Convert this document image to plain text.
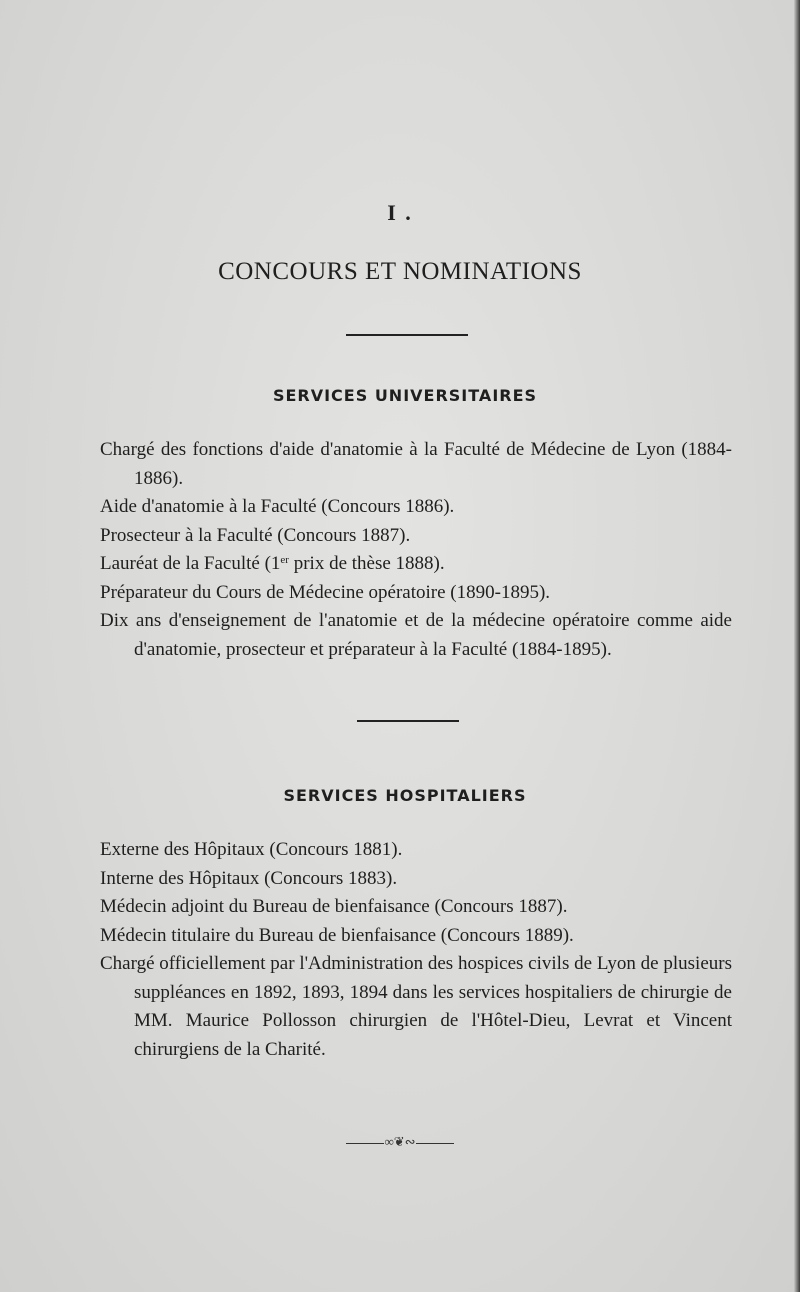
I .
CONCOURS ET NOMINATIONS
SERVICES UNIVERSITAIRES
Chargé des fonctions d'aide d'anatomie à la Faculté de Médecine de Lyon (1884-1886).
Aide d'anatomie à la Faculté (Concours 1886).
Prosecteur à la Faculté (Concours 1887).
Lauréat de la Faculté (1er prix de thèse 1888).
Préparateur du Cours de Médecine opératoire (1890-1895).
Dix ans d'enseignement de l'anatomie et de la médecine opératoire comme aide d'anatomie, prosecteur et préparateur à la Faculté (1884-1895).
SERVICES HOSPITALIERS
Externe des Hôpitaux (Concours 1881).
Interne des Hôpitaux (Concours 1883).
Médecin adjoint du Bureau de bienfaisance (Concours 1887).
Médecin titulaire du Bureau de bienfaisance (Concours 1889).
Chargé officiellement par l'Administration des hospices civils de Lyon de plusieurs suppléances en 1892, 1893, 1894 dans les services hospitaliers de chirurgie de MM. Maurice Pollosson chirurgien de l'Hôtel-Dieu, Levrat et Vincent chirurgiens de la Charité.
∞❦∾
